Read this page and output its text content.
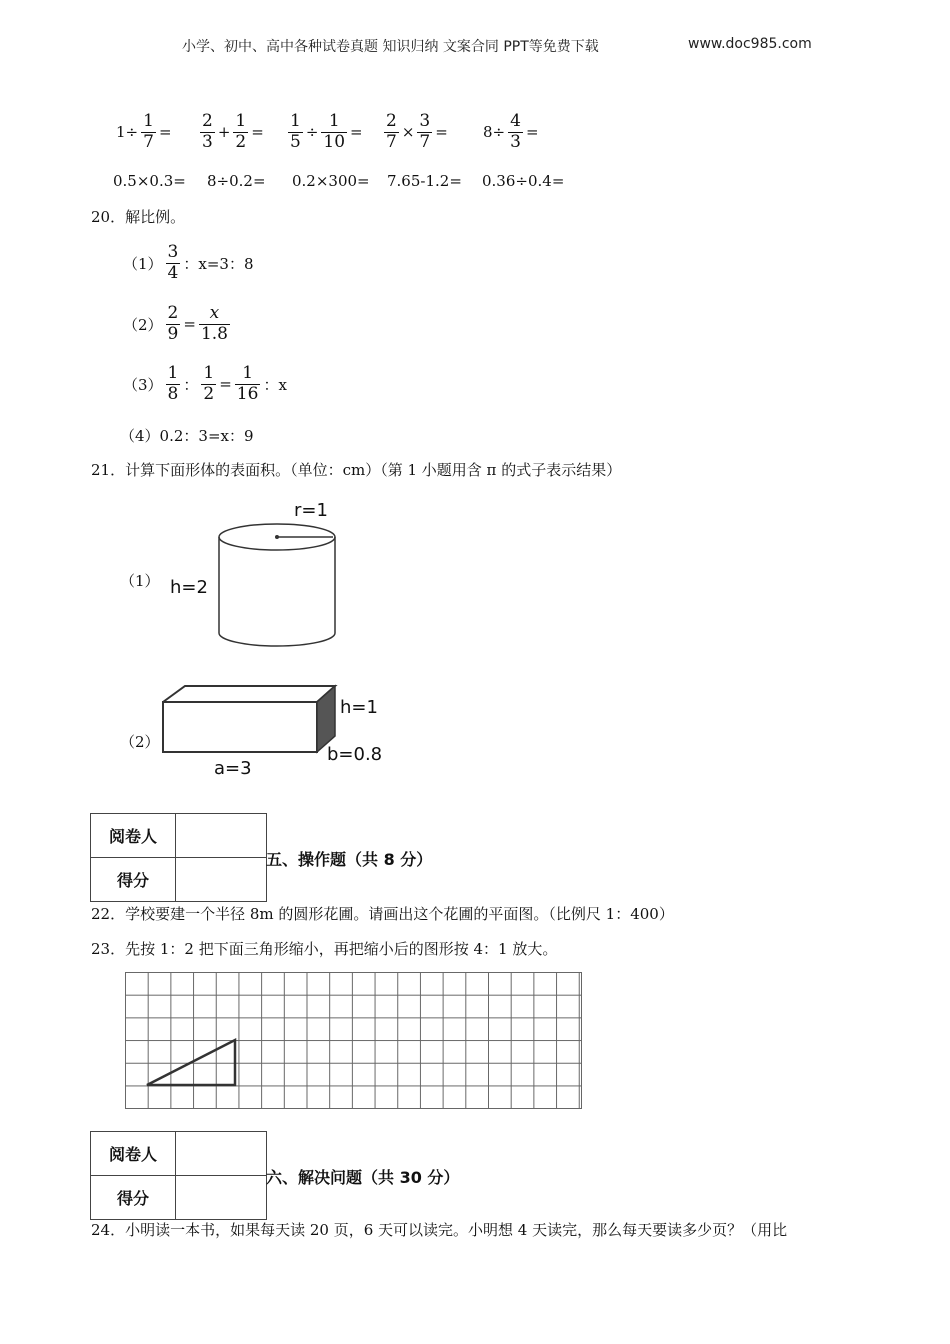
小学、初中、高中各种试卷真题 知识归纳 文案合同 PPT等免费下载	www.doc985.com
$1\div \frac{1}{7} = \frac{2}{3} + \frac{1}{2} = \frac{1}{5} \div \frac{1}{10} = \frac{2}{7} \times \frac{3}{7} = 8\div \frac{4}{3}$ =
0.5×0.3= 8÷0.2= 0.2×300= 7.65-1.2= 0.36÷0.4=
20．解比例。
$(1) \frac{3}{4}$ ：x=3：8
$(2) \frac{2}{9} = \frac{x}{1.8}$
$(3) \frac{1}{8}$ ： $\frac{1}{2} = \frac{1}{16}$ ：x
（4）0.2：3=x：9
21．计算下面形体的表面积。（单位：cm）（第 1 小题用含 π 的式子表示结果）
（1）
r=1
h=2
（2）
h=1
b=0.8
a=3
阅卷人	
得分	
五、操作题（共 8 分）
22．学校要建一个半径 8m 的圆形花圃。请画出这个花圃的平面图。（比例尺 1：400）
23．先按 1：2 把下面三角形缩小，再把缩小后的图形按 4：1 放大。
阅卷人	
得分	
六、解决问题（共 30 分）
24．小明读一本书，如果每天读 20 页，6 天可以读完。小明想 4 天读完，那么每天要读多少页？（用比
